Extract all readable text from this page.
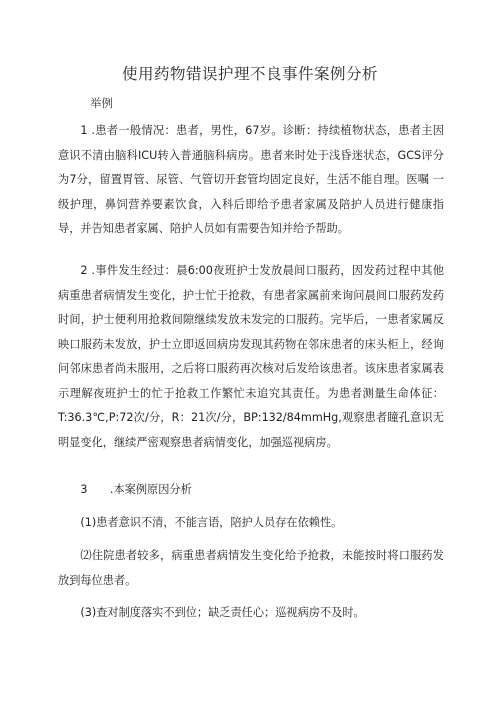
使用药物错误护理不良事件案例分析
举例

1 .患者一般情况：患者，男性，67岁。诊断：持续植物状态，患者主因意识不清由脑科ICU转入普通脑科病房。患者来时处于浅昏迷状态，GCS评分为7分，留置胃管、尿管、气管切开套管均固定良好，生活不能自理。医嘱 一级护理，鼻饲营养要素饮食，入科后即给予患者家属及陪护人员进行健康指导，并告知患者家属、陪护人员如有需要告知并给予帮助。

2 .事件发生经过：晨6:00夜班护士发放晨间口服药，因发药过程中其他病重患者病情发生变化，护士忙于抢救，有患者家属前来询问晨间口服药发药时间，护士便利用抢救间隙继续发放未发完的口服药。完毕后，一患者家属反映口服药未发放，护士立即返回病房发现其药物在邻床患者的床头柜上，经询问邻床患者尚未服用，之后将口服药再次核对后发给该患者。该床患者家属表示理解夜班护士的忙于抢救工作繁忙未追究其责任。为患者测量生命体征：T:36.3℃,P:72次/分，R：21次/分，BP:132/84mmHg,观察患者瞳孔意识无明显变化，继续严密观察患者病情变化，加强巡视病房。

3　　.本案例原因分析

(1)患者意识不清，不能言语，陪护人员存在依赖性。

⑵住院患者较多，病重患者病情发生变化给予抢救，未能按时将口服药发放到每位患者。

(3)查对制度落实不到位；缺乏责任心；巡视病房不及时。
